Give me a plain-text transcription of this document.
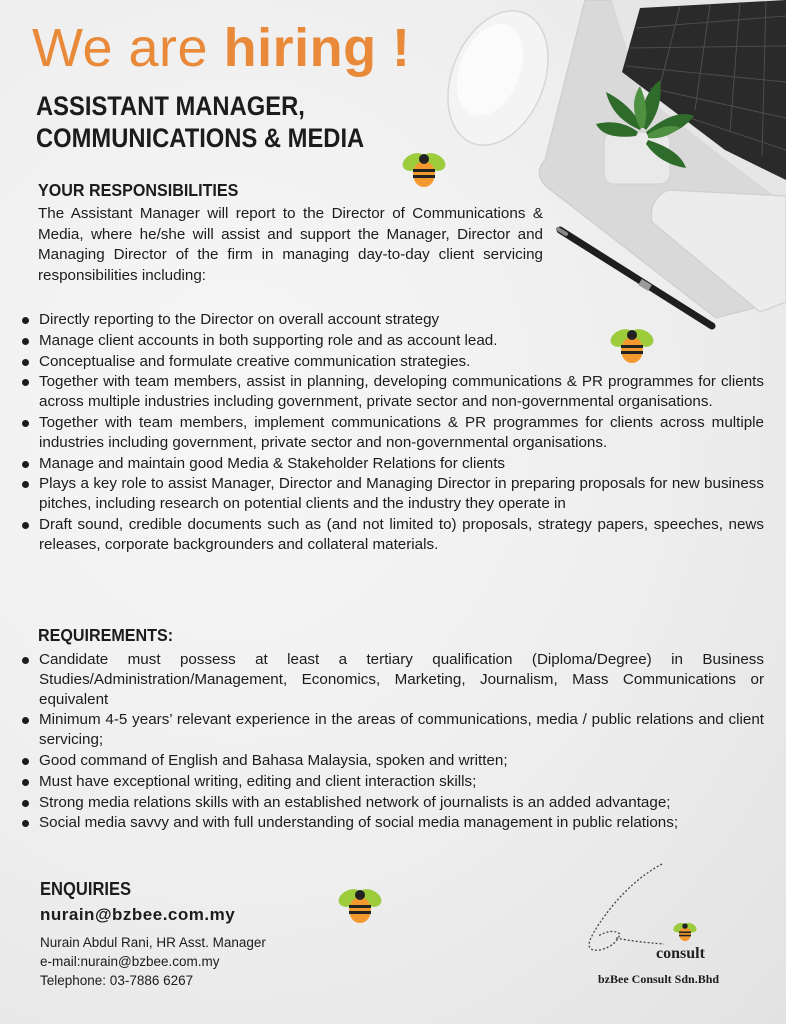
We are hiring !
ASSISTANT MANAGER,
COMMUNICATIONS & MEDIA
YOUR RESPONSIBILITIES
The Assistant Manager will report to the Director of Communications & Media, where he/she will assist and support the Manager, Director and Managing Director of the firm in managing day-to-day client servicing responsibilities including:
Directly reporting to the Director on overall account strategy
Manage client accounts in both supporting role and as account lead.
Conceptualise and formulate creative communication strategies.
Together with team members, assist in planning, developing communications & PR programmes for clients across multiple industries including government, private sector and non-governmental organisations.
Together with team members, implement communications & PR programmes for clients across multiple industries including government, private sector and non-governmental organisations.
Manage and maintain good Media & Stakeholder Relations for clients
Plays a key role to assist Manager, Director and Managing Director in preparing proposals for new business pitches, including research on potential clients and the industry they operate in
Draft sound, credible documents such as (and not limited to) proposals, strategy papers, speeches, news releases, corporate backgrounders and collateral materials.
REQUIREMENTS:
Candidate must possess at least a tertiary qualification (Diploma/Degree) in Business Studies/Administration/Management, Economics, Marketing, Journalism, Mass Communications or equivalent
Minimum 4-5 years’ relevant experience in the areas of communications, media / public relations and client servicing;
Good command of English and Bahasa Malaysia, spoken and written;
Must have exceptional writing, editing and client interaction skills;
Strong media relations skills with an established network of journalists is an added advantage;
Social media savvy and with full understanding of social media management in public relations;
ENQUIRIES
nurain@bzbee.com.my
Nurain Abdul Rani, HR Asst. Manager
e-mail:nurain@bzbee.com.my
Telephone: 03-7886 6267
consult
bzBee Consult Sdn.Bhd
